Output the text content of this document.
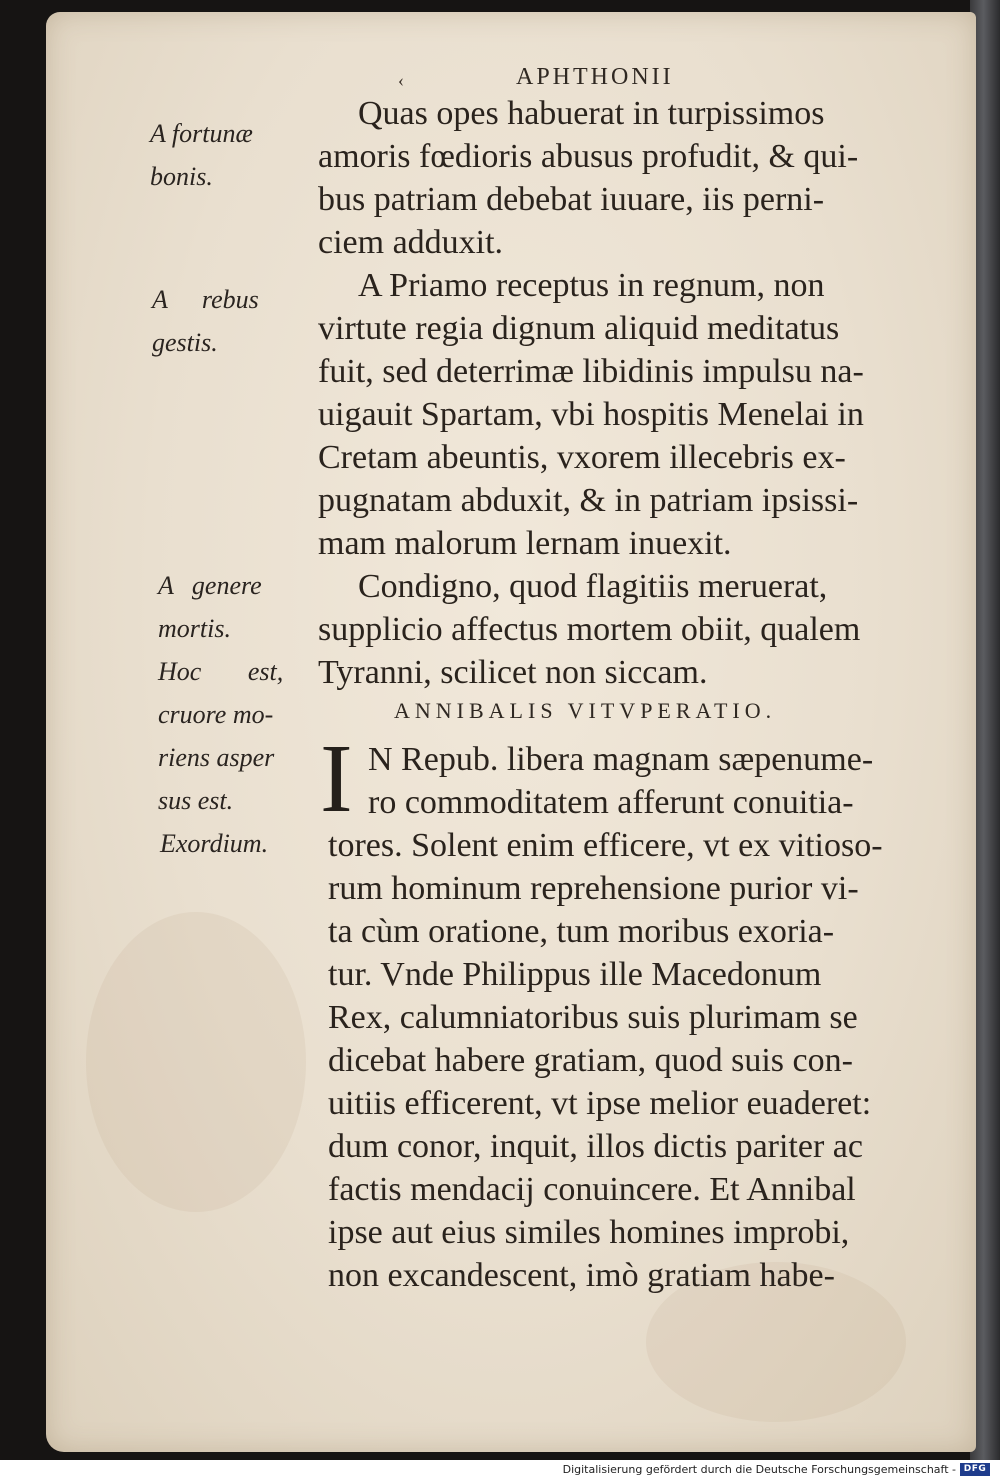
‹	APHTHONII
A fortunæ
bonis.
A rebus
gestis.
A genere
mortis.
Hoc est,
cruore mo-
riens asper
sus est.
Exordium.
Quas opes habuerat in turpissimos
amoris fœdioris abusus profudit, & qui-
bus patriam debebat iuuare, iis perni-
ciem adduxit.
A Priamo receptus in regnum, non
virtute regia dignum aliquid meditatus
fuit, sed deterrimæ libidinis impulsu na-
uigauit Spartam, vbi hospitis Menelai in
Cretam abeuntis, vxorem illecebris ex-
pugnatam abduxit, & in patriam ipsissi-
mam malorum lernam inuexit.
Condigno, quod flagitiis meruerat,
supplicio affectus mortem obiit, qualem
Tyranni, scilicet non siccam.
ANNIBALIS VITVPERATIO.
I N Repub. libera magnam sæpenume-
ro commoditatem afferunt conuitia-
tores. Solent enim efficere, vt ex vitioso-
rum hominum reprehensione purior vi-
ta cùm oratione, tum moribus exoria-
tur. Vnde Philippus ille Macedonum
Rex, calumniatoribus suis plurimam se
dicebat habere gratiam, quod suis con-
uitiis efficerent, vt ipse melior euaderet:
dum conor, inquit, illos dictis pariter ac
factis mendacij conuincere. Et Annibal
ipse aut eius similes homines improbi,
non excandescent, imò gratiam habe-
Digitalisierung gefördert durch die Deutsche Forschungsgemeinschaft - DFG
